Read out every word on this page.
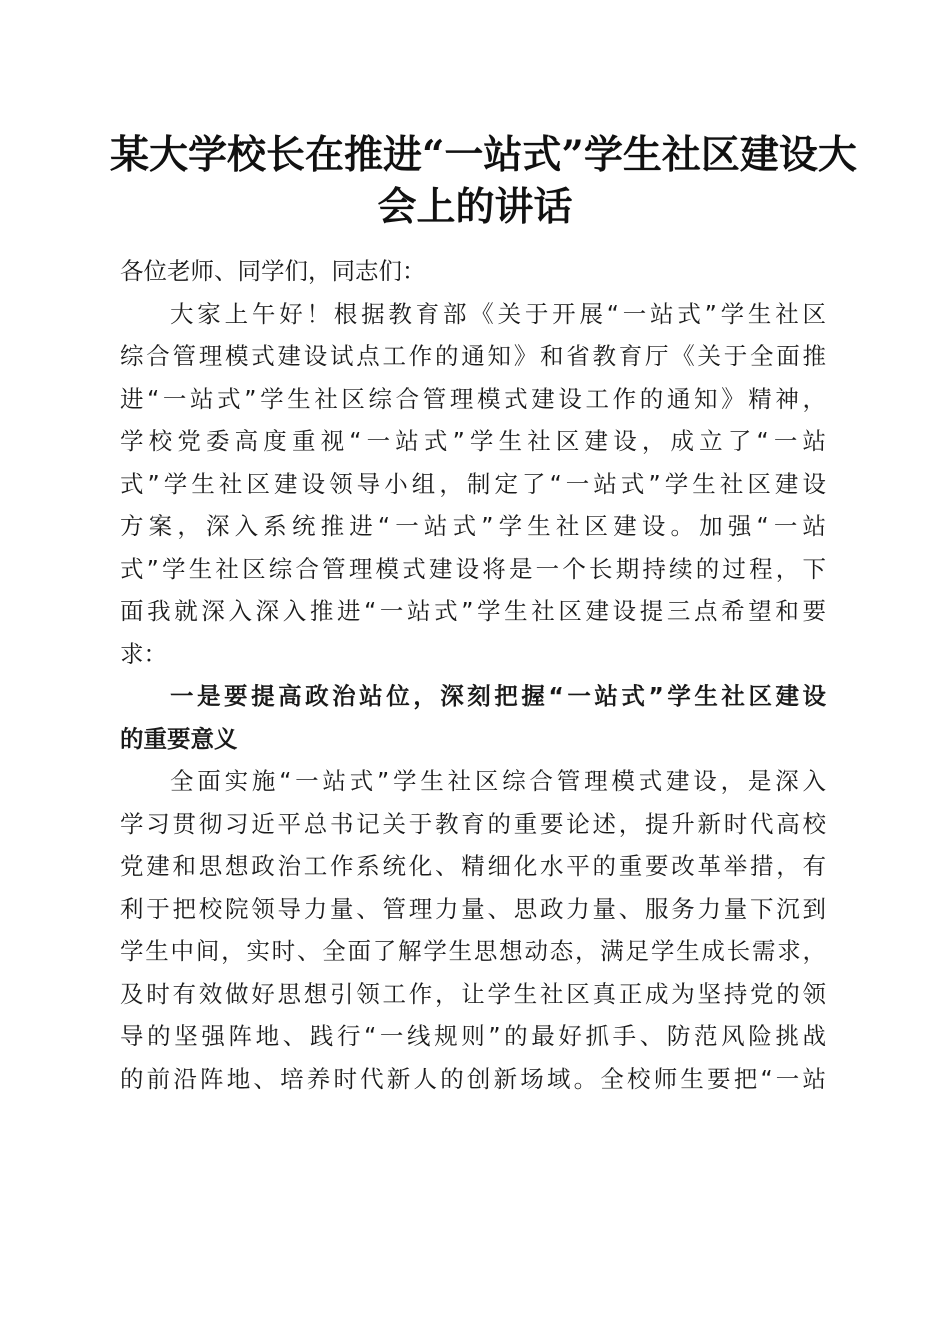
某大学校长在推进“一站式”学生社区建设大
会上的讲话
各位老师、同学们，同志们：
大家上午好！根据教育部《关于开展“一站式”学生社区
综合管理模式建设试点工作的通知》和省教育厅《关于全面推
进“一站式”学生社区综合管理模式建设工作的通知》精神，
学校党委高度重视“一站式”学生社区建设，成立了“一站
式”学生社区建设领导小组，制定了“一站式”学生社区建设
方案，深入系统推进“一站式”学生社区建设。加强“一站
式”学生社区综合管理模式建设将是一个长期持续的过程，下
面我就深入深入推进“一站式”学生社区建设提三点希望和要
求：
一是要提高政治站位，深刻把握“一站式”学生社区建设
的重要意义
全面实施“一站式”学生社区综合管理模式建设，是深入
学习贯彻习近平总书记关于教育的重要论述，提升新时代高校
党建和思想政治工作系统化、精细化水平的重要改革举措，有
利于把校院领导力量、管理力量、思政力量、服务力量下沉到
学生中间，实时、全面了解学生思想动态，满足学生成长需求，
及时有效做好思想引领工作，让学生社区真正成为坚持党的领
导的坚强阵地、践行“一线规则”的最好抓手、防范风险挑战
的前沿阵地、培养时代新人的创新场域。全校师生要把“一站
